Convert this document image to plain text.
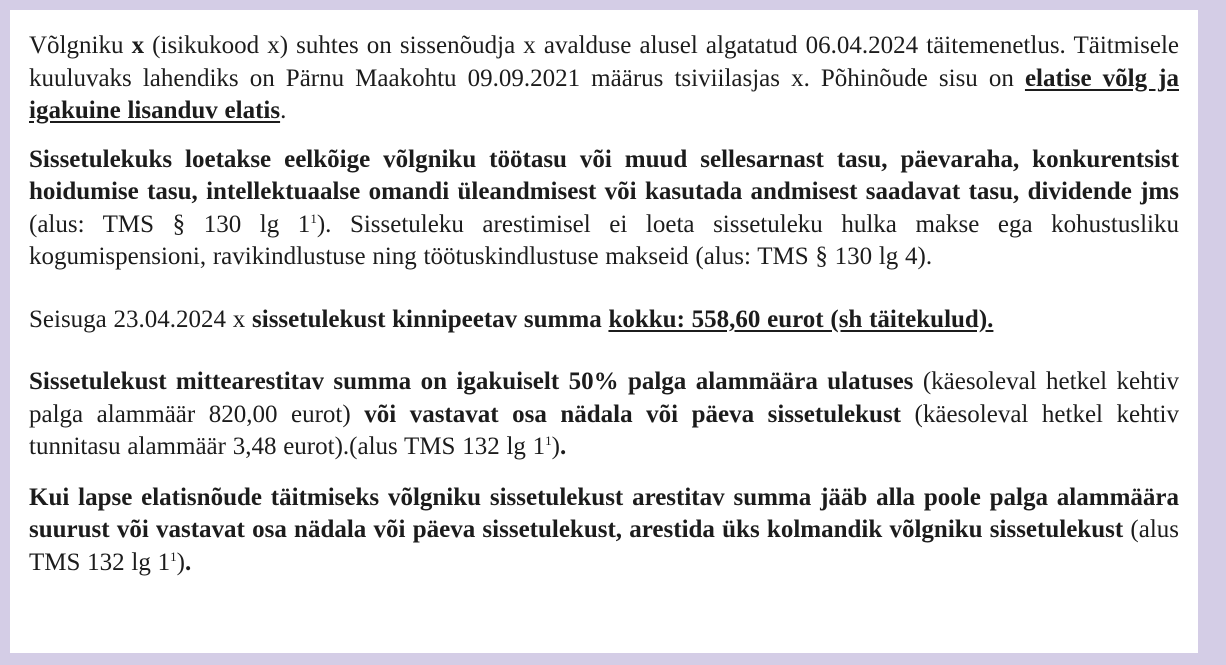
Võlgniku x (isikukood x) suhtes on sissenõudja x avalduse alusel algatatud 06.04.2024 täitemenetlus. Täitmisele kuuluvaks lahendiks on Pärnu Maakohtu 09.09.2021 määrus tsiviilasjas x. Põhinõude sisu on elatise võlg ja igakuine lisanduv elatis.

Sissetulekuks loetakse eelkõige võlgniku töötasu või muud sellesarnast tasu, päevaraha, konkurentsist hoidumise tasu, intellektuaalse omandi üleandmisest või kasutada andmisest saadavat tasu, dividende jms (alus: TMS § 130 $\lg 1^1$). Sissetuleku arestimisel ei loeta sissetuleku hulka makse ega kohustusliku kogumispensioni, ravikindlustuse ning töötuskindlustuse makseid (alus: TMS § 130 lg 4).

Seisuga 23.04.2024 x sissetulekust kinnipeetav summa kokku: 558,60 eurot (sh täitekulud).

Sissetulekust mittearestitav summa on igakuiselt 50% palga alammäära ulatuses (käesoleval hetkel kehtiv palga alammäär 820,00 eurot) või vastavat osa nädala või päeva sissetulekust (käesoleval hetkel kehtiv tunnitasu alammäär 3,48 eurot).(alus TMS 132 $\lg 1^1$).

Kui lapse elatisnõude täitmiseks võlgniku sissetulekust arestitav summa jääb alla poole palga alammäära suurust või vastavat osa nädala või päeva sissetulekust, arestida üks kolmandik võlgniku sissetulekust (alus TMS 132 $\lg 1^1$).
